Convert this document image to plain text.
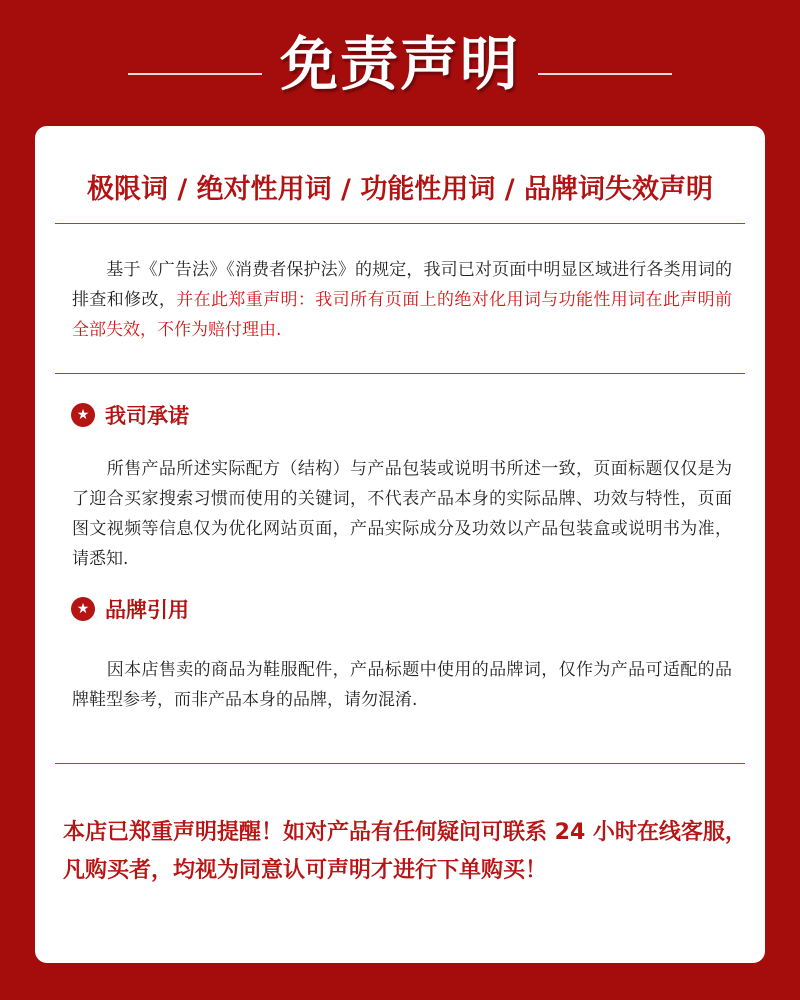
免责声明
极限词 / 绝对性用词 / 功能性用词 / 品牌词失效声明
　　基于《广告法》《消费者保护法》的规定，我司已对页面中明显区域进行各类用词的排查和修改，并在此郑重声明：我司所有页面上的绝对化用词与功能性用词在此声明前全部失效，不作为赔付理由.
★ 我司承诺
　　所售产品所述实际配方（结构）与产品包装或说明书所述一致，页面标题仅仅是为了迎合买家搜索习惯而使用的关键词，不代表产品本身的实际品牌、功效与特性，页面图文视频等信息仅为优化网站页面，产品实际成分及功效以产品包装盒或说明书为准，请悉知.
★ 品牌引用
　　因本店售卖的商品为鞋服配件，产品标题中使用的品牌词，仅作为产品可适配的品牌鞋型参考，而非产品本身的品牌，请勿混淆.
本店已郑重声明提醒！如对产品有任何疑问可联系 24 小时在线客服，凡购买者，均视为同意认可声明才进行下单购买！
